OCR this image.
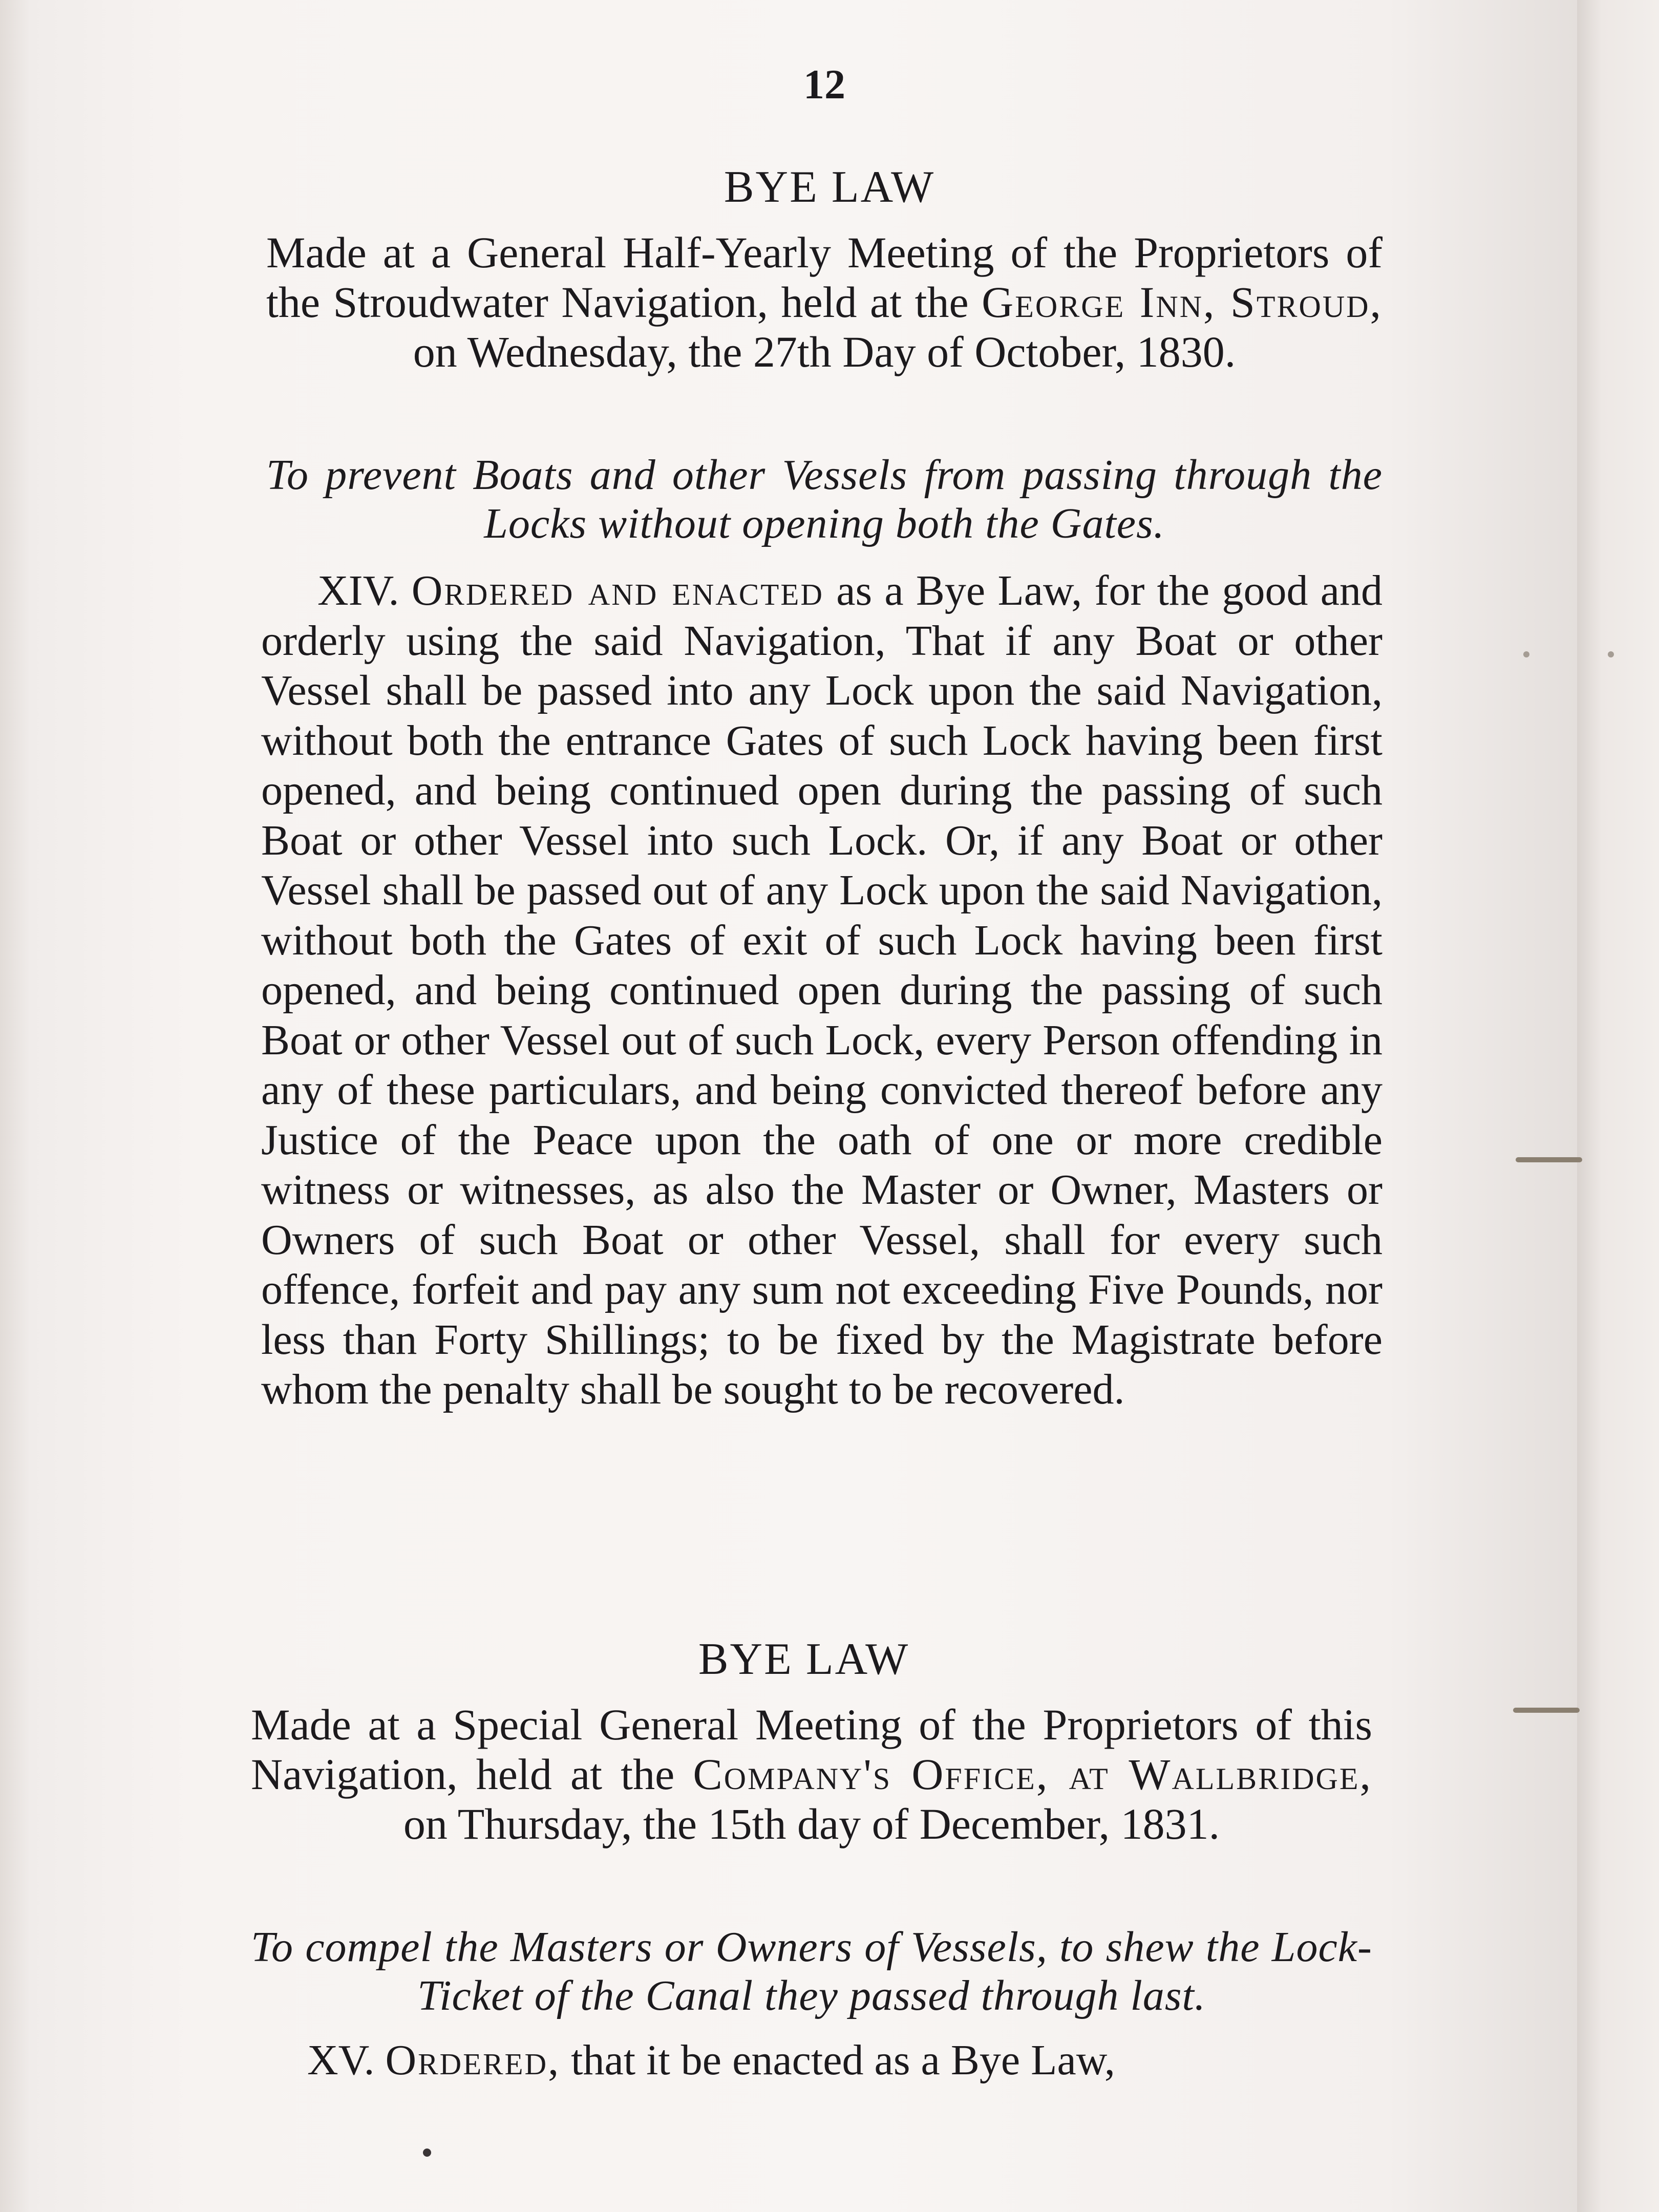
12
BYE LAW
Made at a General Half-Yearly Meeting of the Proprietors of the Stroudwater Navigation, held at the George Inn, Stroud, on Wednesday, the 27th Day of October, 1830.
To prevent Boats and other Vessels from passing through the Locks without opening both the Gates.
XIV. Ordered and enacted as a Bye Law, for the good and orderly using the said Navigation, That if any Boat or other Vessel shall be passed into any Lock upon the said Navigation, without both the entrance Gates of such Lock having been first opened, and being continued open during the passing of such Boat or other Vessel into such Lock. Or, if any Boat or other Vessel shall be passed out of any Lock upon the said Navigation, without both the Gates of exit of such Lock having been first opened, and being continued open during the passing of such Boat or other Vessel out of such Lock, every Person offending in any of these particulars, and being convicted thereof before any Justice of the Peace upon the oath of one or more credible witness or witnesses, as also the Master or Owner, Masters or Owners of such Boat or other Vessel, shall for every such offence, forfeit and pay any sum not exceeding Five Pounds, nor less than Forty Shillings; to be fixed by the Magistrate before whom the penalty shall be sought to be recovered.
BYE LAW
Made at a Special General Meeting of the Proprietors of this Navigation, held at the Company's Office, at Wallbridge, on Thursday, the 15th day of December, 1831.
To compel the Masters or Owners of Vessels, to shew the Lock-Ticket of the Canal they passed through last.
XV. Ordered, that it be enacted as a Bye Law,
